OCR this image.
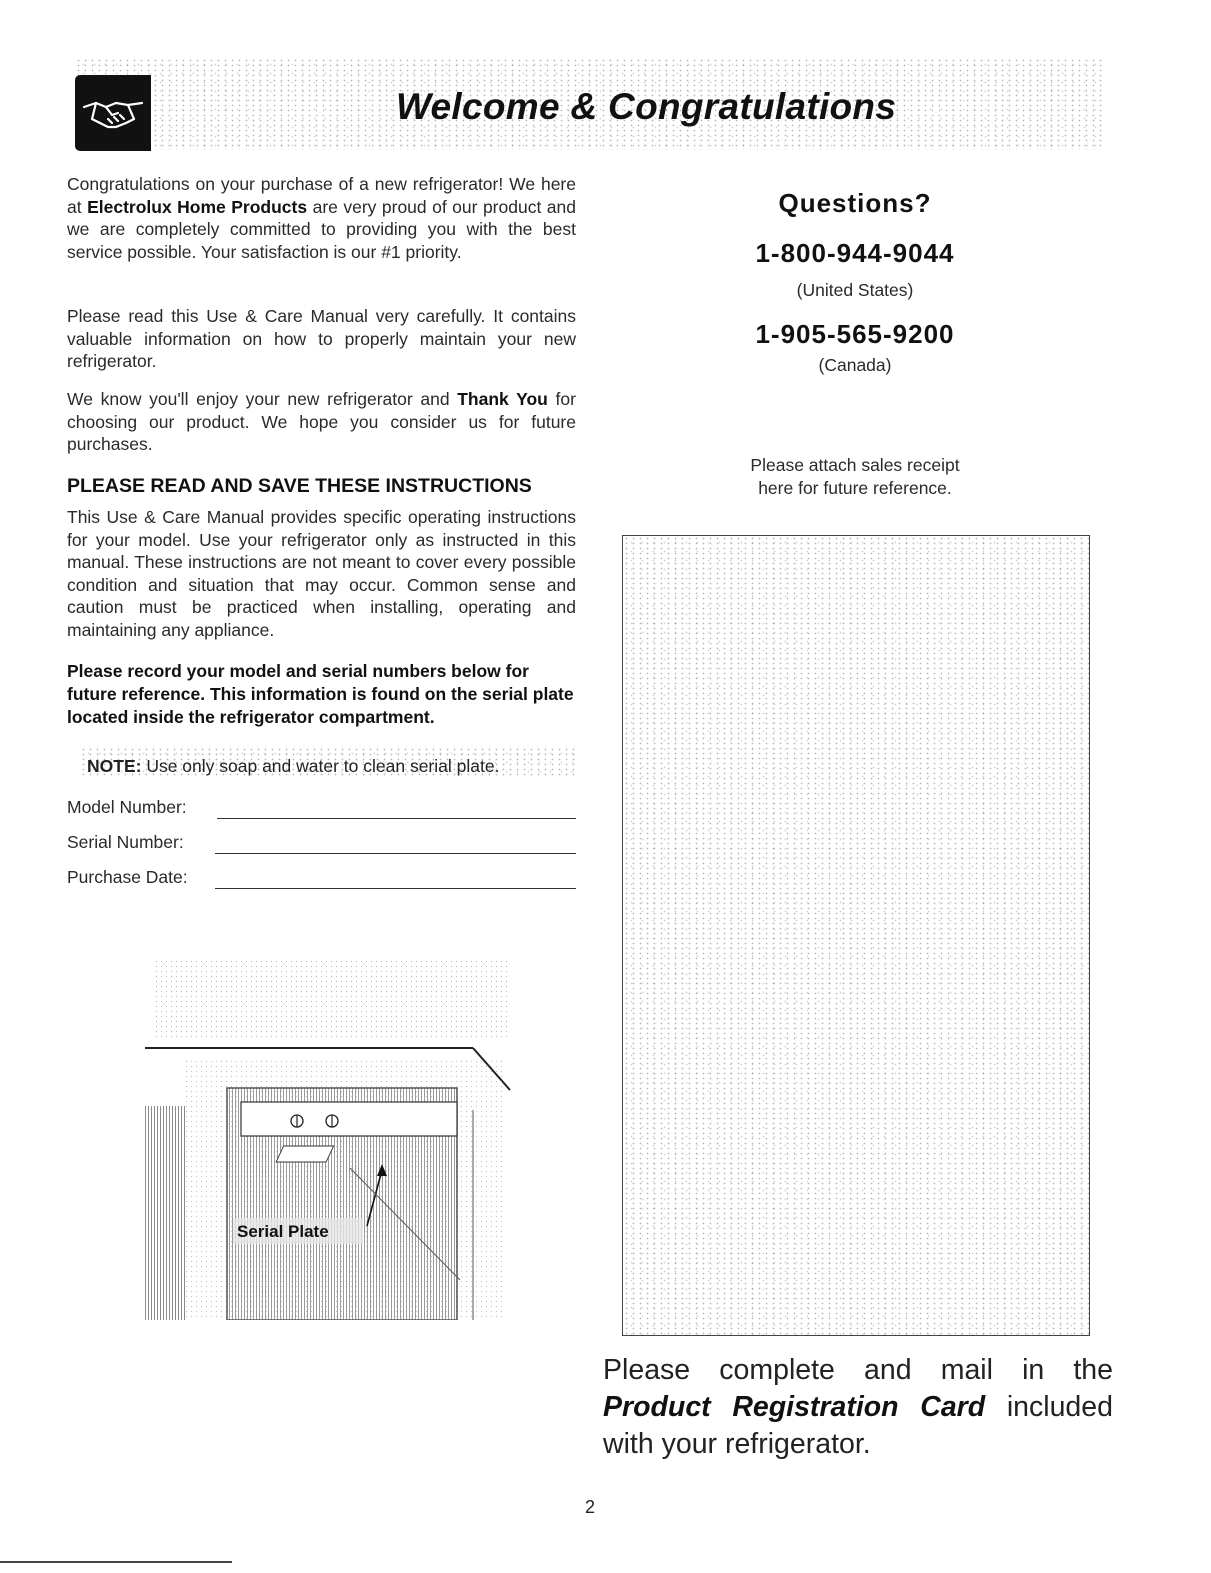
Welcome & Congratulations

Congratulations on your purchase of a new refrigerator! We here at Electrolux Home Products are very proud of our product and we are completely committed to providing you with the best service possible. Your satisfaction is our #1 priority.

Please read this Use & Care Manual very carefully. It contains valuable information on how to properly maintain your new refrigerator.

We know you'll enjoy your new refrigerator and Thank You for choosing our product. We hope you consider us for future purchases.

PLEASE READ AND SAVE THESE INSTRUCTIONS

This Use & Care Manual provides specific operating instructions for your model. Use your refrigerator only as instructed in this manual. These instructions are not meant to cover every possible condition and situation that may occur. Common sense and caution must be practiced when installing, operating and maintaining any appliance.

Please record your model and serial numbers below for future reference. This information is found on the serial plate located inside the refrigerator compartment.

NOTE: Use only soap and water to clean serial plate.

Model Number:
Serial Number:
Purchase Date:
Serial Plate

Questions?

1-800-944-9044

(United States)

1-905-565-9200

(Canada)

Please attach sales receipt
here for future reference.

Please complete and mail in the Product Registration Card included with your refrigerator.

2
